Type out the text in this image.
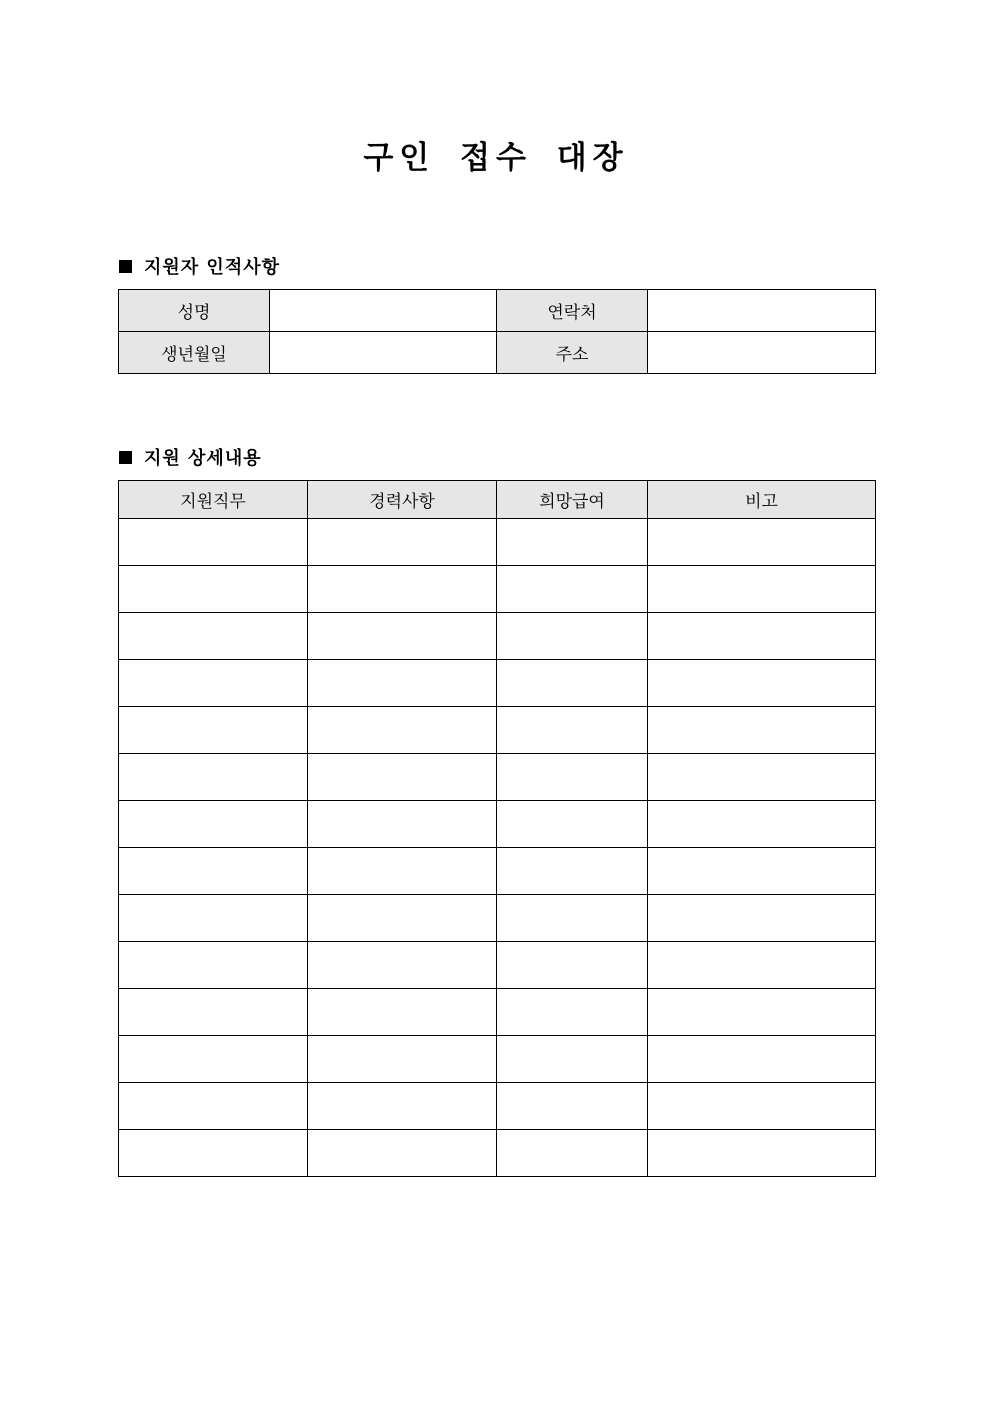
구인 접수 대장
지원자 인적사항
성명		연락처	
생년월일		주소	
지원 상세내용
지원직무	경력사항	희망급여	비고
